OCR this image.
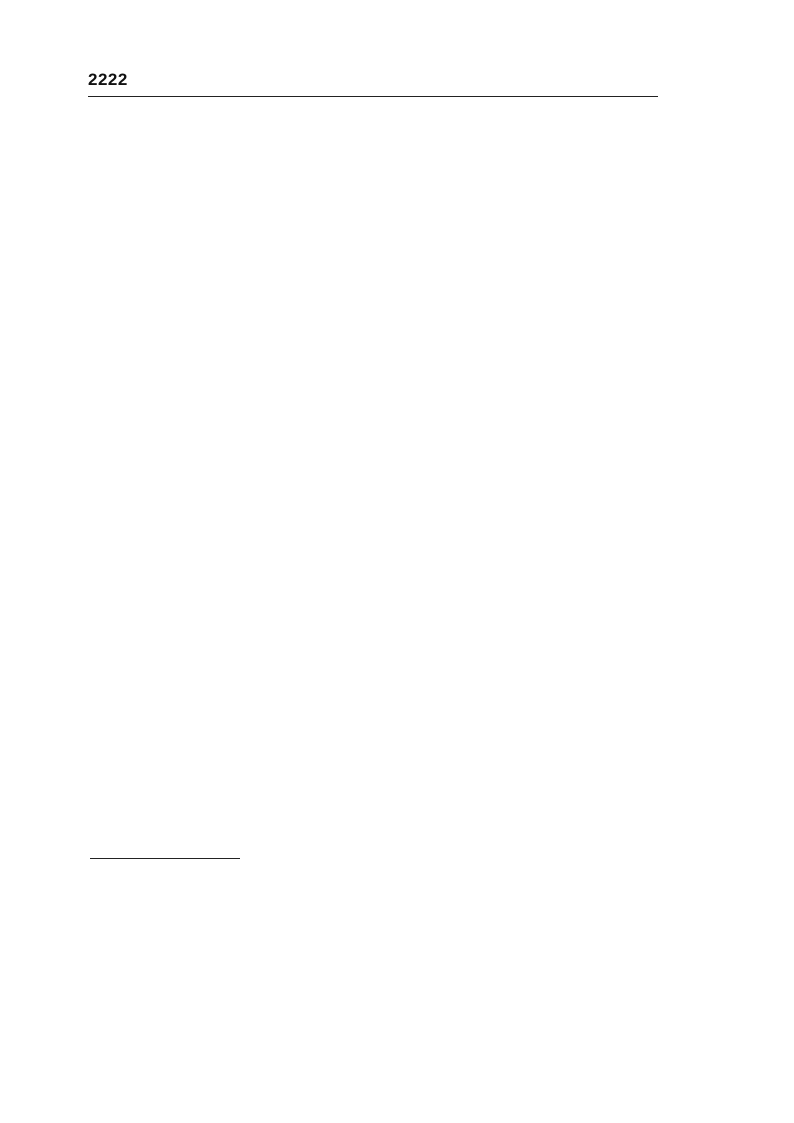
2222
